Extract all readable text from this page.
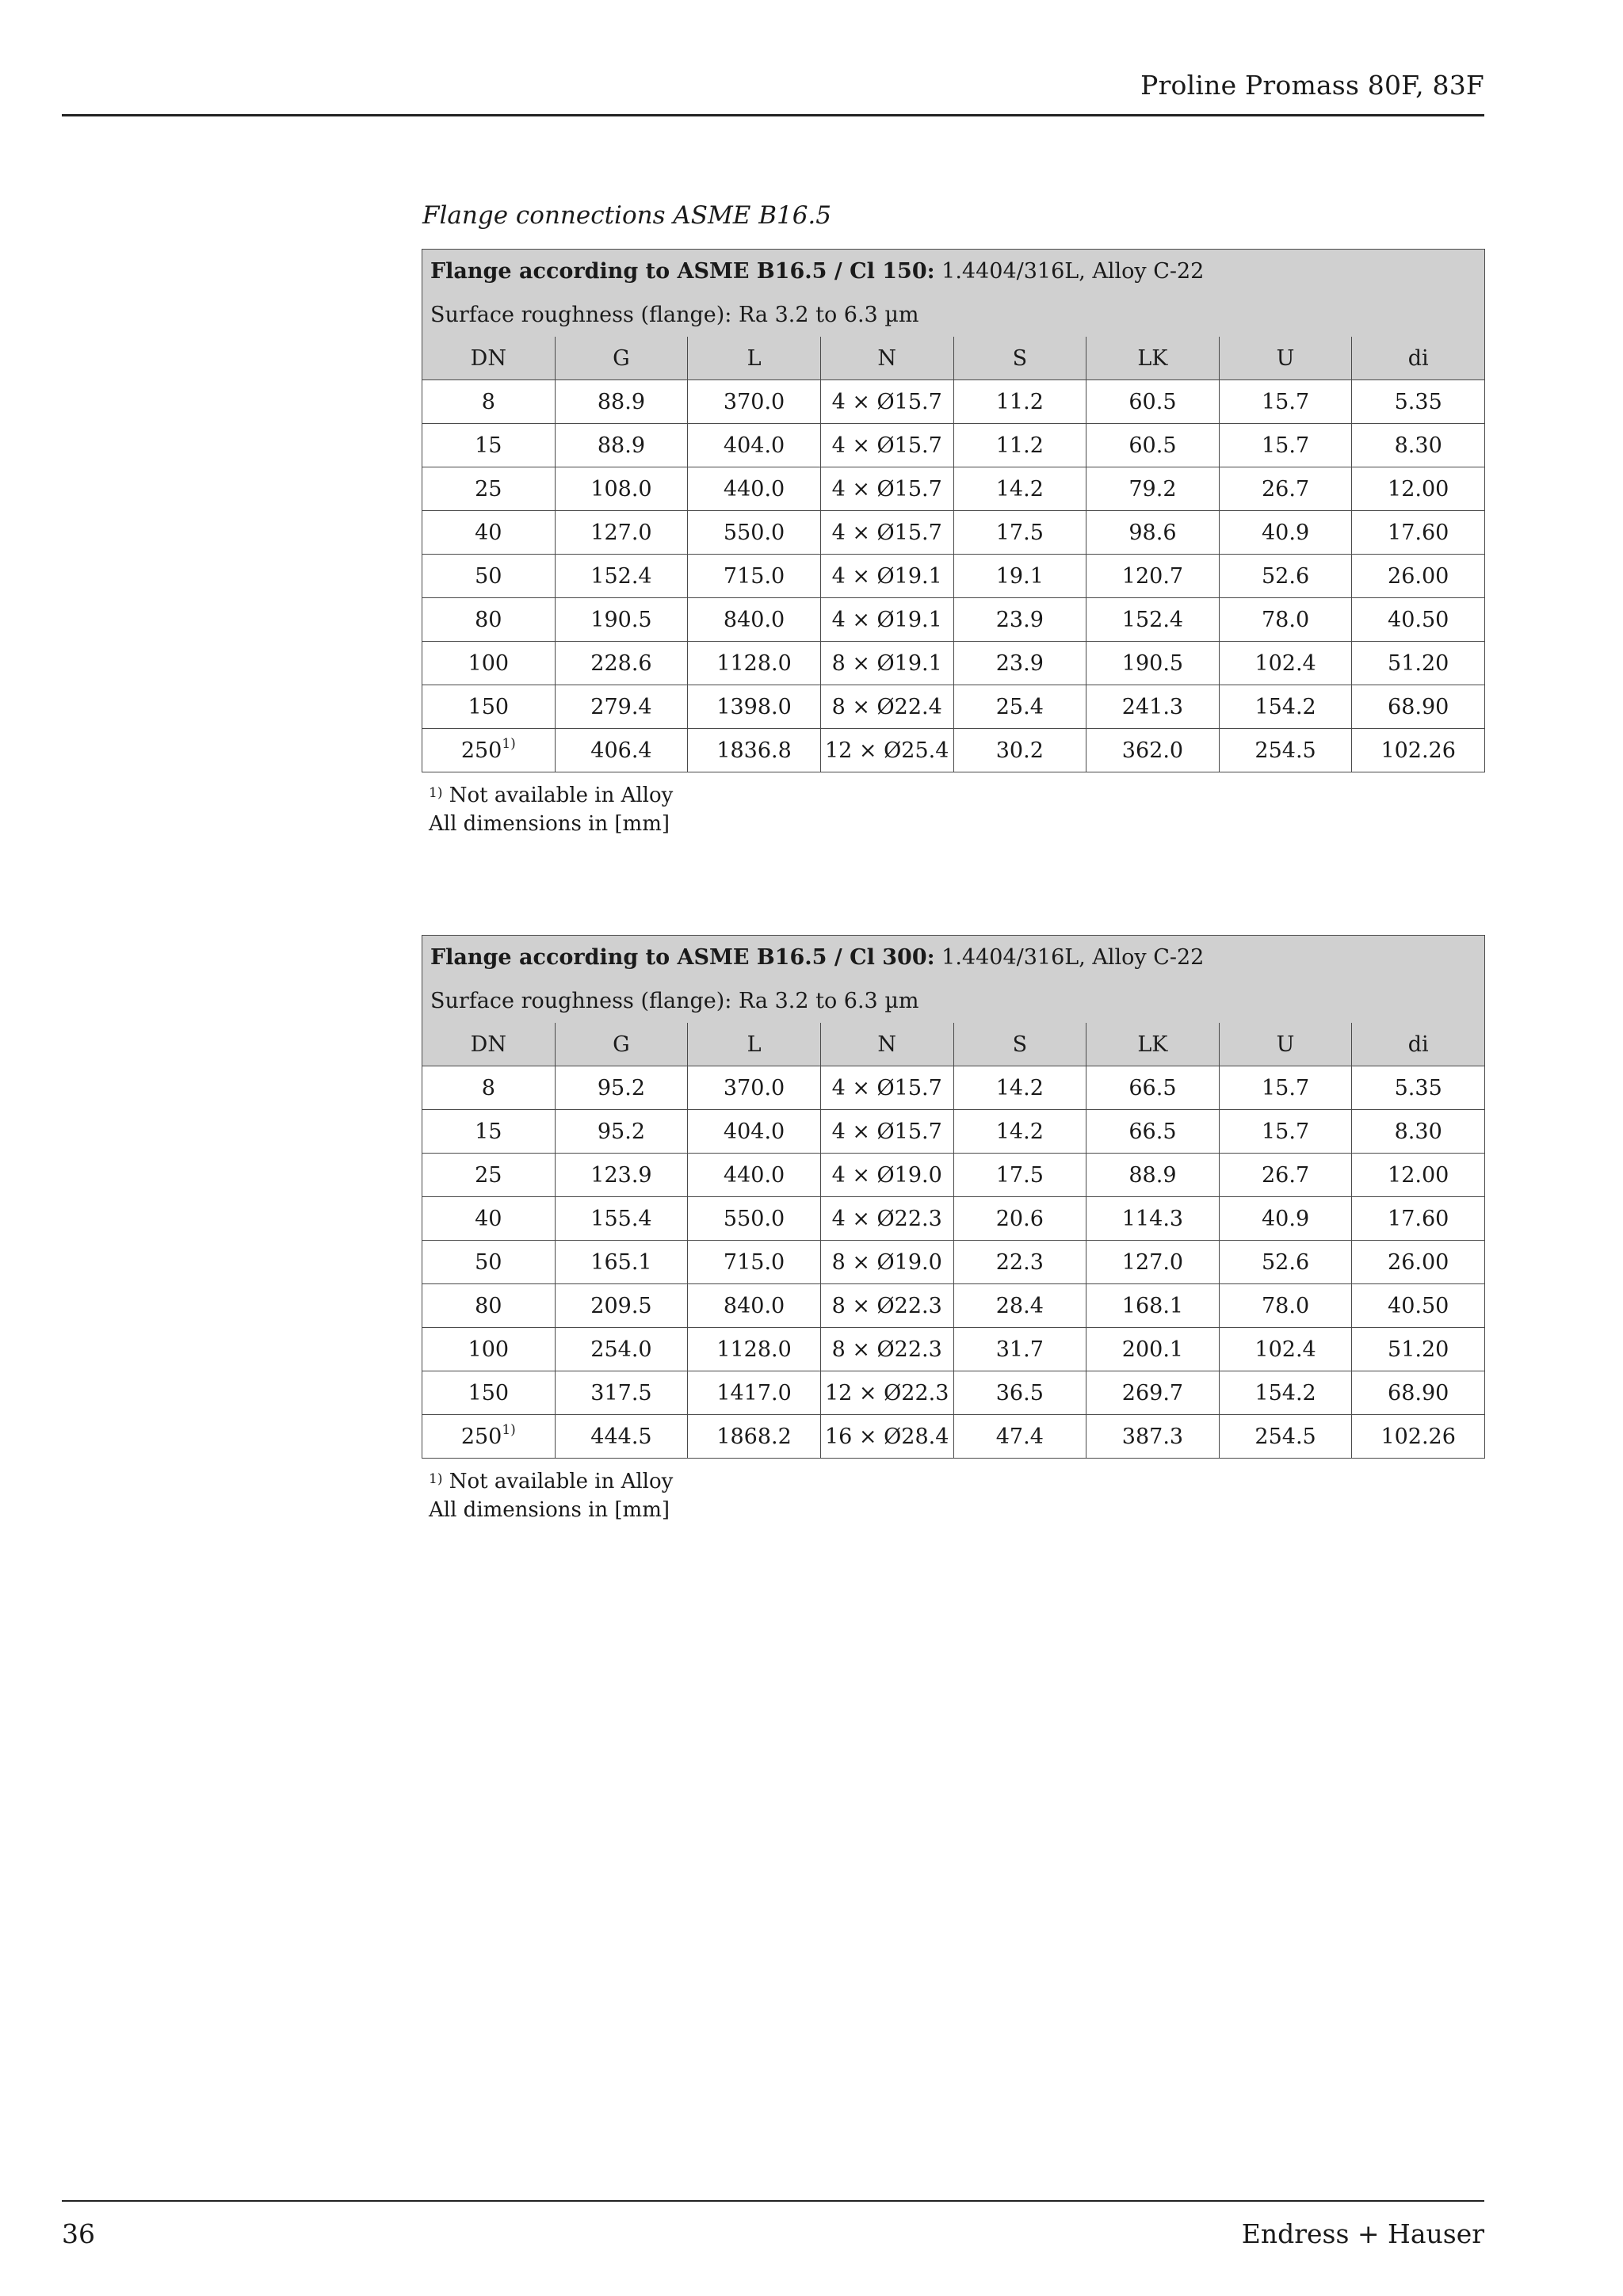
Proline Promass 80F, 83F
Flange connections ASME B16.5
Flange according to ASME B16.5 / Cl 150: 1.4404/316L, Alloy C-22							
Surface roughness (flange): Ra 3.2 to 6.3 µm							
DN	G	L	N	S	LK	U	di
8	88.9	370.0	4 × Ø15.7	11.2	60.5	15.7	5.35
15	88.9	404.0	4 × Ø15.7	11.2	60.5	15.7	8.30
25	108.0	440.0	4 × Ø15.7	14.2	79.2	26.7	12.00
40	127.0	550.0	4 × Ø15.7	17.5	98.6	40.9	17.60
50	152.4	715.0	4 × Ø19.1	19.1	120.7	52.6	26.00
80	190.5	840.0	4 × Ø19.1	23.9	152.4	78.0	40.50
100	228.6	1128.0	8 × Ø19.1	23.9	190.5	102.4	51.20
150	279.4	1398.0	8 × Ø22.4	25.4	241.3	154.2	68.90
250$^{1)}$	406.4	1836.8	12 × Ø25.4	30.2	362.0	254.5	102.26
$^{1)}$ Not available in Alloy
All dimensions in [mm]
Flange according to ASME B16.5 / Cl 300: 1.4404/316L, Alloy C-22							
Surface roughness (flange): Ra 3.2 to 6.3 µm							
DN	G	L	N	S	LK	U	di
8	95.2	370.0	4 × Ø15.7	14.2	66.5	15.7	5.35
15	95.2	404.0	4 × Ø15.7	14.2	66.5	15.7	8.30
25	123.9	440.0	4 × Ø19.0	17.5	88.9	26.7	12.00
40	155.4	550.0	4 × Ø22.3	20.6	114.3	40.9	17.60
50	165.1	715.0	8 × Ø19.0	22.3	127.0	52.6	26.00
80	209.5	840.0	8 × Ø22.3	28.4	168.1	78.0	40.50
100	254.0	1128.0	8 × Ø22.3	31.7	200.1	102.4	51.20
150	317.5	1417.0	12 × Ø22.3	36.5	269.7	154.2	68.90
250$^{1)}$	444.5	1868.2	16 × Ø28.4	47.4	387.3	254.5	102.26
$^{1)}$ Not available in Alloy
All dimensions in [mm]
36	Endress + Hauser
